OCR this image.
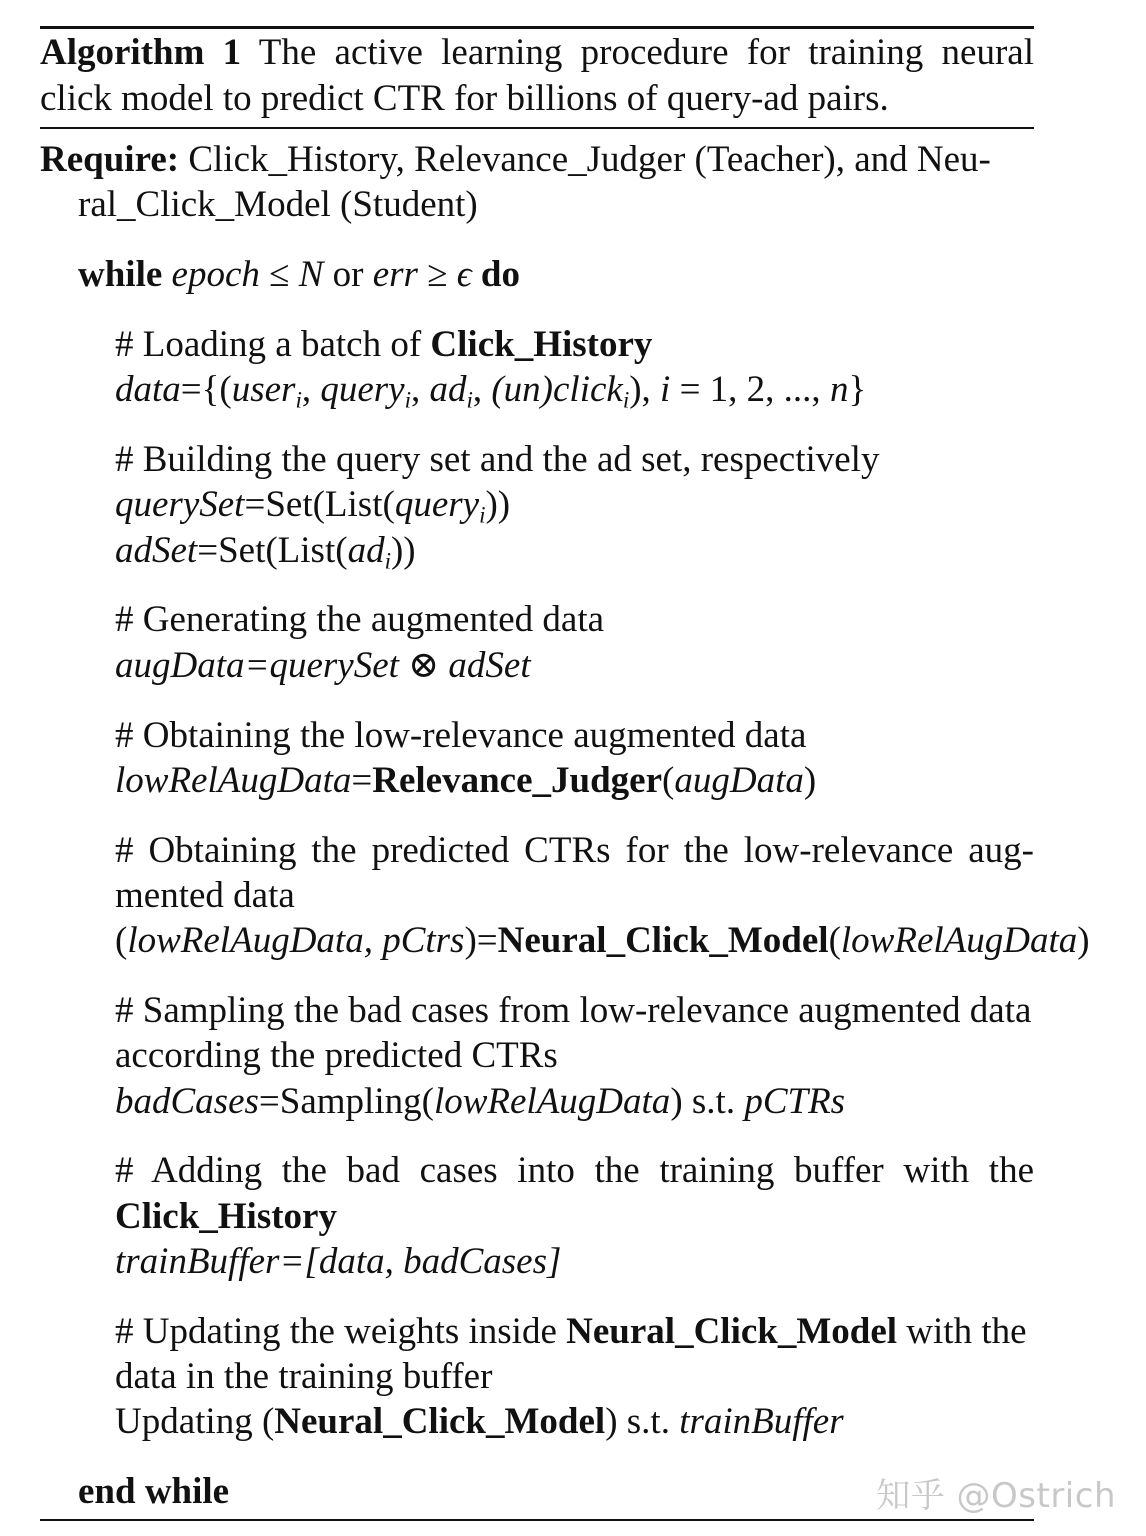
Algorithm 1 The active learning procedure for training neural click model to predict CTR for billions of query-ad pairs.
Require: Click_History, Relevance_Judger (Teacher), and Neu-
ral_Click_Model (Student)
while epoch ≤ N or err ≥ ϵ do
# Loading a batch of Click_History
data={(user$_i$, query$_i$, $ad_i$, (un)click$_i$), i = 1, 2, ..., n}
# Building the query set and the ad set, respectively
querySet=Set(List(query$_i$))
$adSet=Set(List(ad_i))$
# Generating the augmented data
augData=querySet ⊗ adSet
# Obtaining the low-relevance augmented data
lowRelAugData=Relevance_Judger(augData)
# Obtaining the predicted CTRs for the low-relevance aug-
mented data
(lowRelAugData, pCtrs)=Neural_Click_Model(lowRelAugData)
# Sampling the bad cases from low-relevance augmented data
according the predicted CTRs
badCases=Sampling(lowRelAugData) s.t. pCTRs
# Adding the bad cases into the training buffer with the
Click_History
trainBuffer=[data, badCases]
# Updating the weights inside Neural_Click_Model with the
data in the training buffer
Updating (Neural_Click_Model) s.t. trainBuffer
end while	知乎 @Ostrich
